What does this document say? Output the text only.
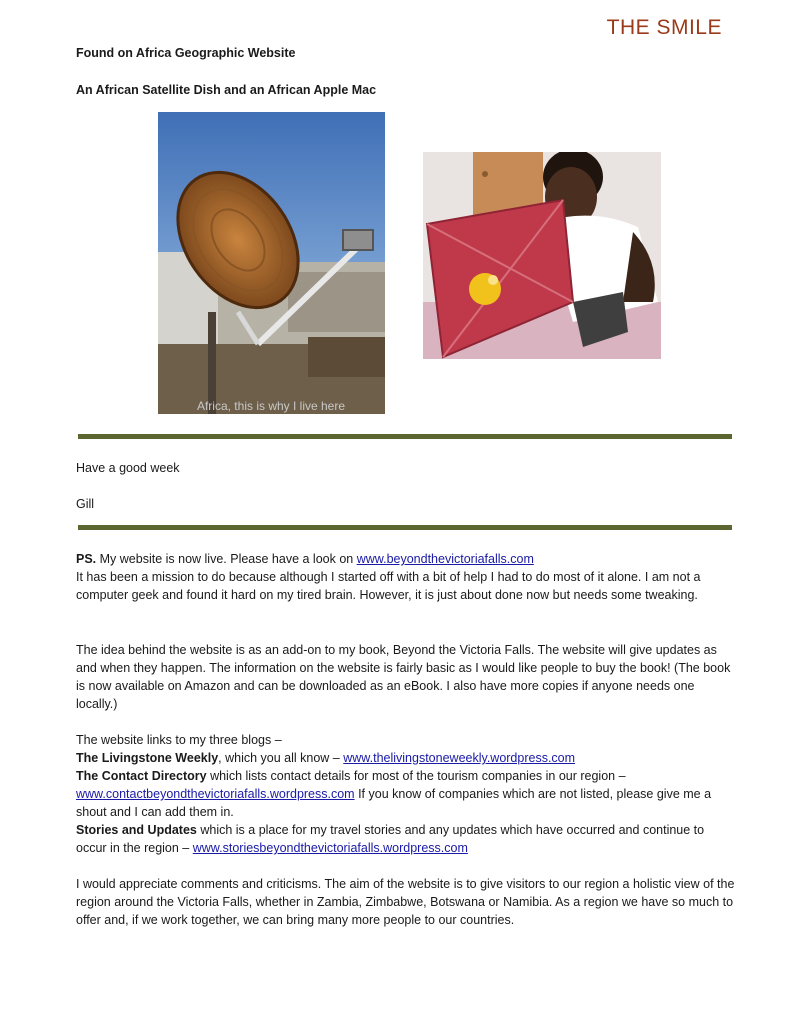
THE SMILE
Found on Africa Geographic Website
An African Satellite Dish and an African Apple Mac
Africa, this is why I live here
Have a good week
Gill

PS. My website is now live. Please have a look on www.beyondthevictoriafalls.com
It has been a mission to do because although I started off with a bit of help I had to do most of it alone. I am not a computer geek and found it hard on my tired brain. However, it is just about done now but needs some tweaking.

The idea behind the website is as an add-on to my book, Beyond the Victoria Falls. The website will give updates as and when they happen. The information on the website is fairly basic as I would like people to buy the book! (The book is now available on Amazon and can be downloaded as an eBook. I also have more copies if anyone needs one locally.)

The website links to my three blogs –
The Livingstone Weekly, which you all know – www.thelivingstoneweekly.wordpress.com
The Contact Directory which lists contact details for most of the tourism companies in our region – www.contactbeyondthevictoriafalls.wordpress.com If you know of companies which are not listed, please give me a shout and I can add them in.
Stories and Updates which is a place for my travel stories and any updates which have occurred and continue to occur in the region – www.storiesbeyondthevictoriafalls.wordpress.com

I would appreciate comments and criticisms. The aim of the website is to give visitors to our region a holistic view of the region around the Victoria Falls, whether in Zambia, Zimbabwe, Botswana or Namibia. As a region we have so much to offer and, if we work together, we can bring many more people to our countries.
